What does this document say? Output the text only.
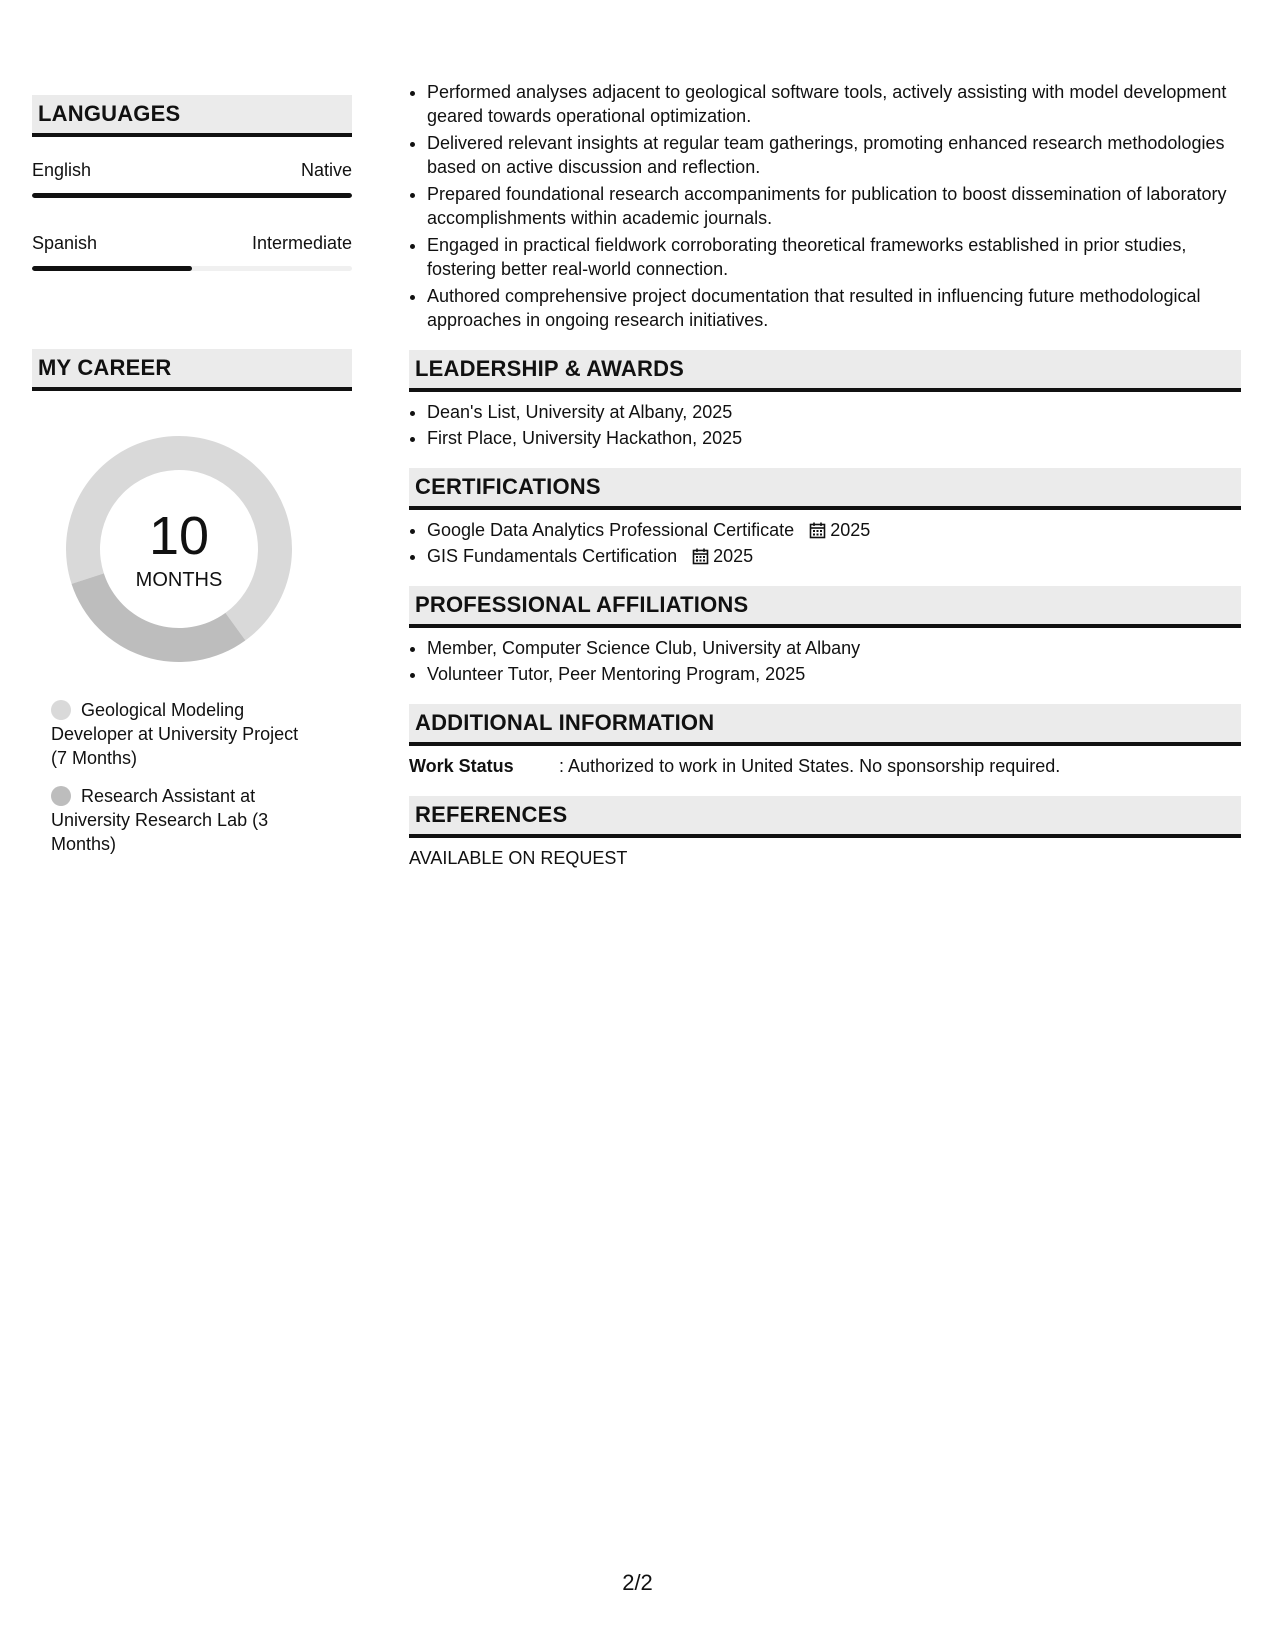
LANGUAGES
English	Native
Spanish	Intermediate
MY CAREER
10
MONTHS
Geological Modeling Developer at University Project (7 Months)
Research Assistant at University Research Lab (3 Months)
• Performed analyses adjacent to geological software tools, actively assisting with model development geared towards operational optimization.
• Delivered relevant insights at regular team gatherings, promoting enhanced research methodologies based on active discussion and reflection.
• Prepared foundational research accompaniments for publication to boost dissemination of laboratory accomplishments within academic journals.
• Engaged in practical fieldwork corroborating theoretical frameworks established in prior studies, fostering better real-world connection.
• Authored comprehensive project documentation that resulted in influencing future methodological approaches in ongoing research initiatives.
LEADERSHIP & AWARDS
• Dean's List, University at Albany, 2025
• First Place, University Hackathon, 2025
CERTIFICATIONS
• Google Data Analytics Professional Certificate 2025
• GIS Fundamentals Certification 2025
PROFESSIONAL AFFILIATIONS
• Member, Computer Science Club, University at Albany
• Volunteer Tutor, Peer Mentoring Program, 2025
ADDITIONAL INFORMATION
Work Status	: Authorized to work in United States. No sponsorship required.
REFERENCES
AVAILABLE ON REQUEST
2/2
